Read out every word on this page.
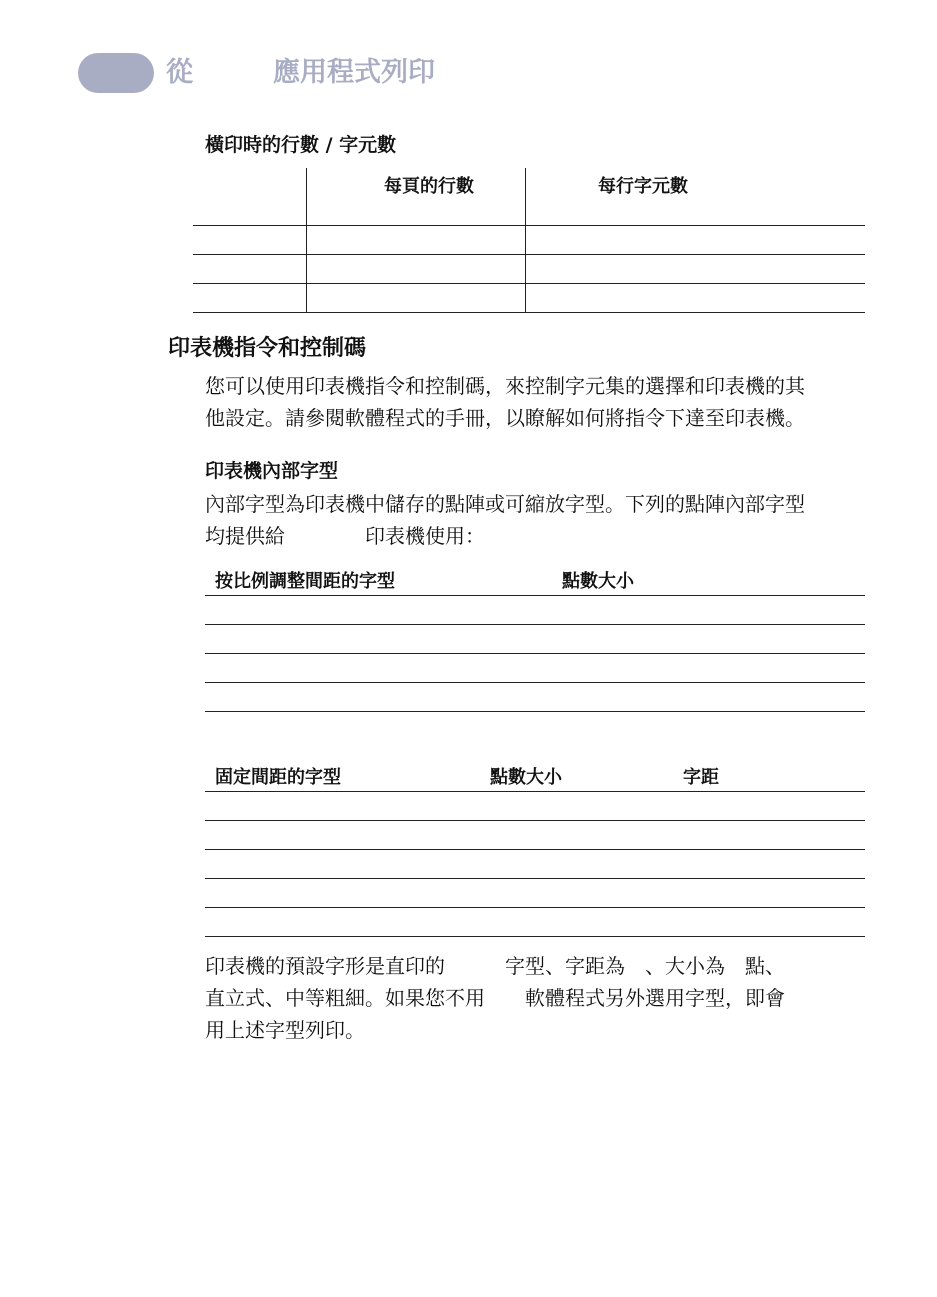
從	應用程式列印
橫印時的行數 / 字元數
每頁的行數	每行字元數
印表機指令和控制碼
您可以使用印表機指令和控制碼，來控制字元集的選擇和印表機的其
他設定。請參閱軟體程式的手冊，以瞭解如何將指令下達至印表機。
印表機內部字型
內部字型為印表機中儲存的點陣或可縮放字型。下列的點陣內部字型
均提供給　　　　印表機使用：
按比例調整間距的字型	點數大小
固定間距的字型	點數大小	字距
印表機的預設字形是直印的　　　字型、字距為　、大小為　點、
直立式、中等粗細。如果您不用　　軟體程式另外選用字型，即會
用上述字型列印。
